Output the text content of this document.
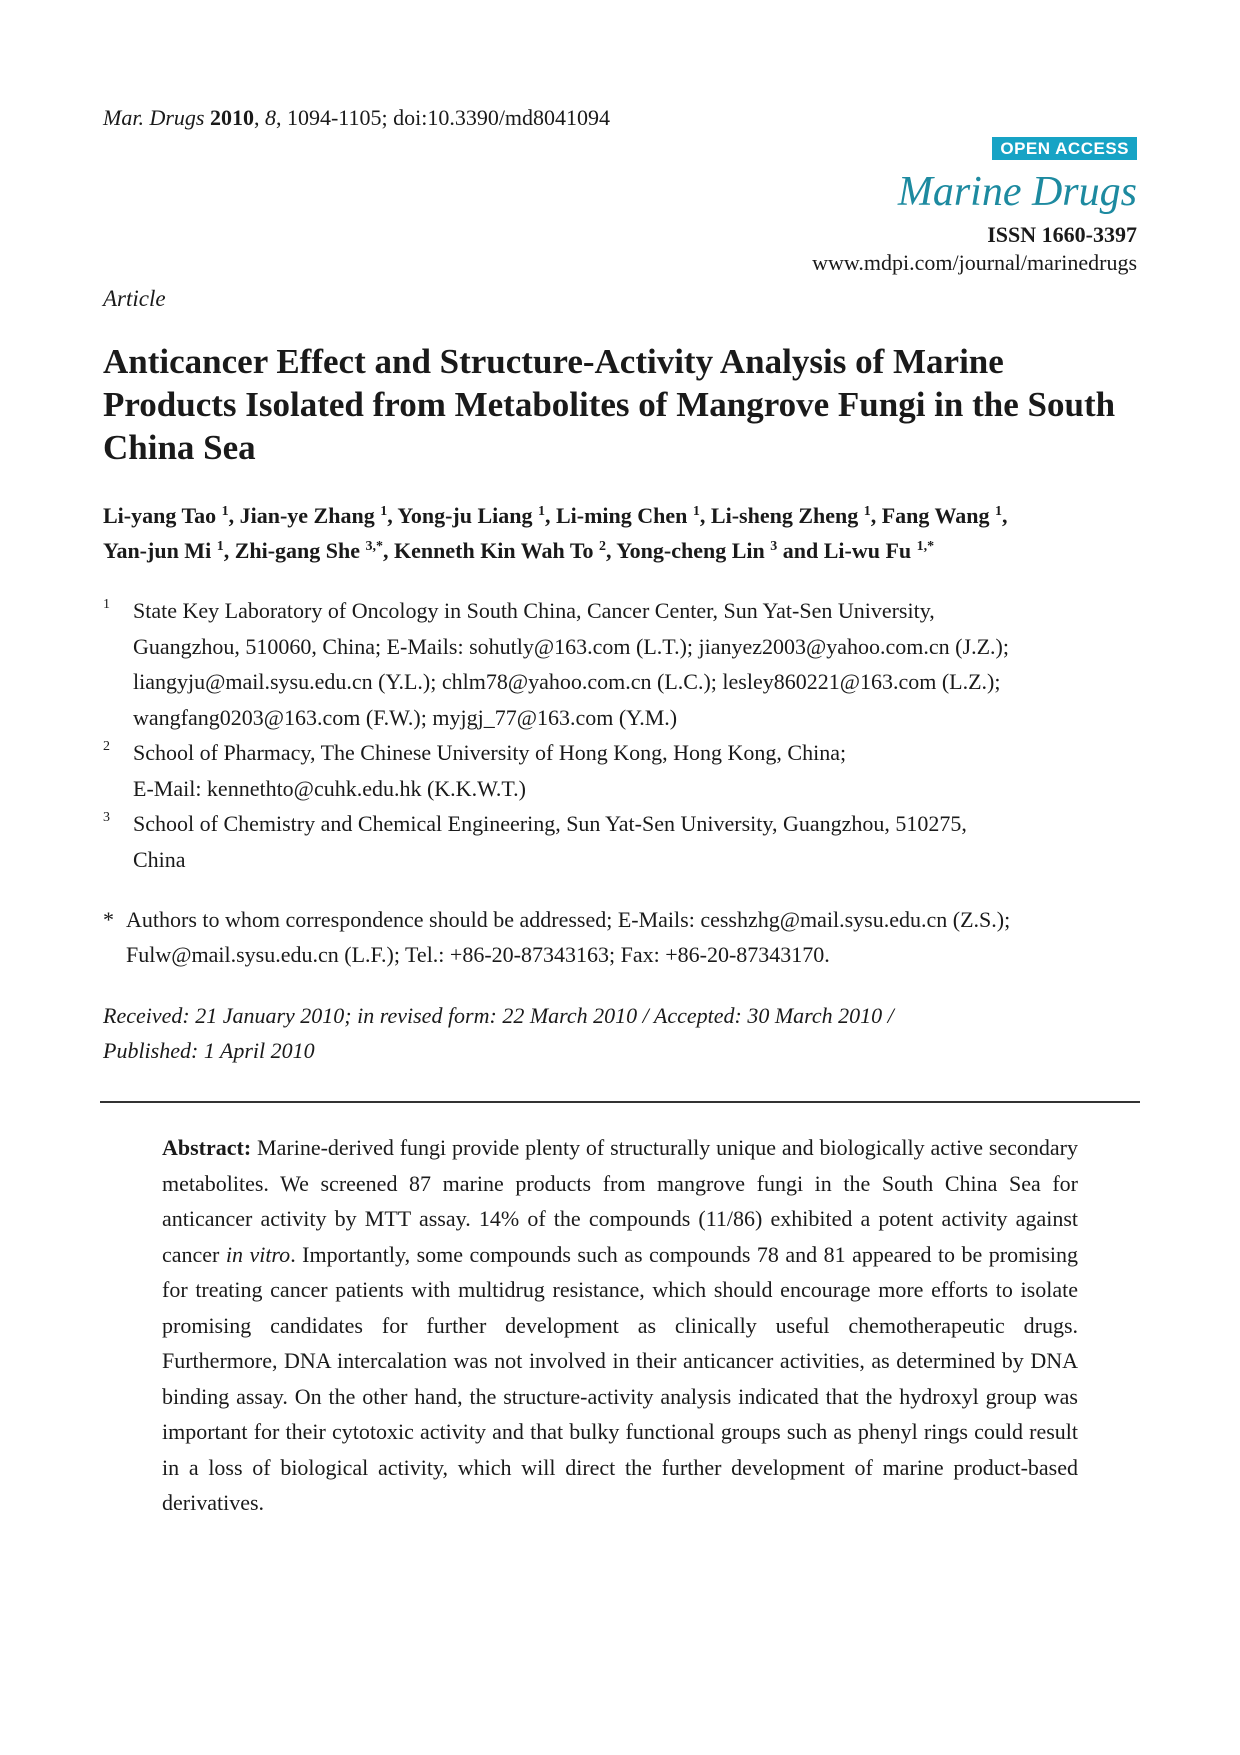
Mar. Drugs 2010, 8, 1094-1105; doi:10.3390/md8041094
OPEN ACCESS
Marine Drugs
ISSN 1660-3397
www.mdpi.com/journal/marinedrugs
Article
Anticancer Effect and Structure-Activity Analysis of Marine Products Isolated from Metabolites of Mangrove Fungi in the South China Sea
Li-yang Tao $^1$, Jian-ye Zhang $^1$, Yong-ju Liang $^1$, Li-ming Chen $^1$, Li-sheng Zheng $^1$, Fang Wang $^1$,
Yan-jun Mi $^1$, Zhi-gang She $^{3,*}$, Kenneth Kin Wah To $^2$, Yong-cheng Lin $^3$ and Li-wu Fu $^{1,*}$
1 State Key Laboratory of Oncology in South China, Cancer Center, Sun Yat-Sen University,
Guangzhou, 510060, China; E-Mails: sohutly@163.com (L.T.); jianyez2003@yahoo.com.cn (J.Z.);
liangyju@mail.sysu.edu.cn (Y.L.); chlm78@yahoo.com.cn (L.C.); lesley860221@163.com (L.Z.);
wangfang0203@163.com (F.W.); myjgj_77@163.com (Y.M.)
2 School of Pharmacy, The Chinese University of Hong Kong, Hong Kong, China;
E-Mail: kennethto@cuhk.edu.hk (K.K.W.T.)
3 School of Chemistry and Chemical Engineering, Sun Yat-Sen University, Guangzhou, 510275,
China
* Authors to whom correspondence should be addressed; E-Mails: cesshzhg@mail.sysu.edu.cn (Z.S.);
Fulw@mail.sysu.edu.cn (L.F.); Tel.: +86-20-87343163; Fax: +86-20-87343170.
Received: 21 January 2010; in revised form: 22 March 2010 / Accepted: 30 March 2010 /
Published: 1 April 2010

Abstract: Marine-derived fungi provide plenty of structurally unique and biologically active secondary metabolites. We screened 87 marine products from mangrove fungi in the South China Sea for anticancer activity by MTT assay. 14% of the compounds (11/86) exhibited a potent activity against cancer in vitro. Importantly, some compounds such as compounds 78 and 81 appeared to be promising for treating cancer patients with multidrug resistance, which should encourage more efforts to isolate promising candidates for further development as clinically useful chemotherapeutic drugs. Furthermore, DNA intercalation was not involved in their anticancer activities, as determined by DNA binding assay. On the other hand, the structure-activity analysis indicated that the hydroxyl group was important for their cytotoxic activity and that bulky functional groups such as phenyl rings could result in a loss of biological activity, which will direct the further development of marine product-based derivatives.
